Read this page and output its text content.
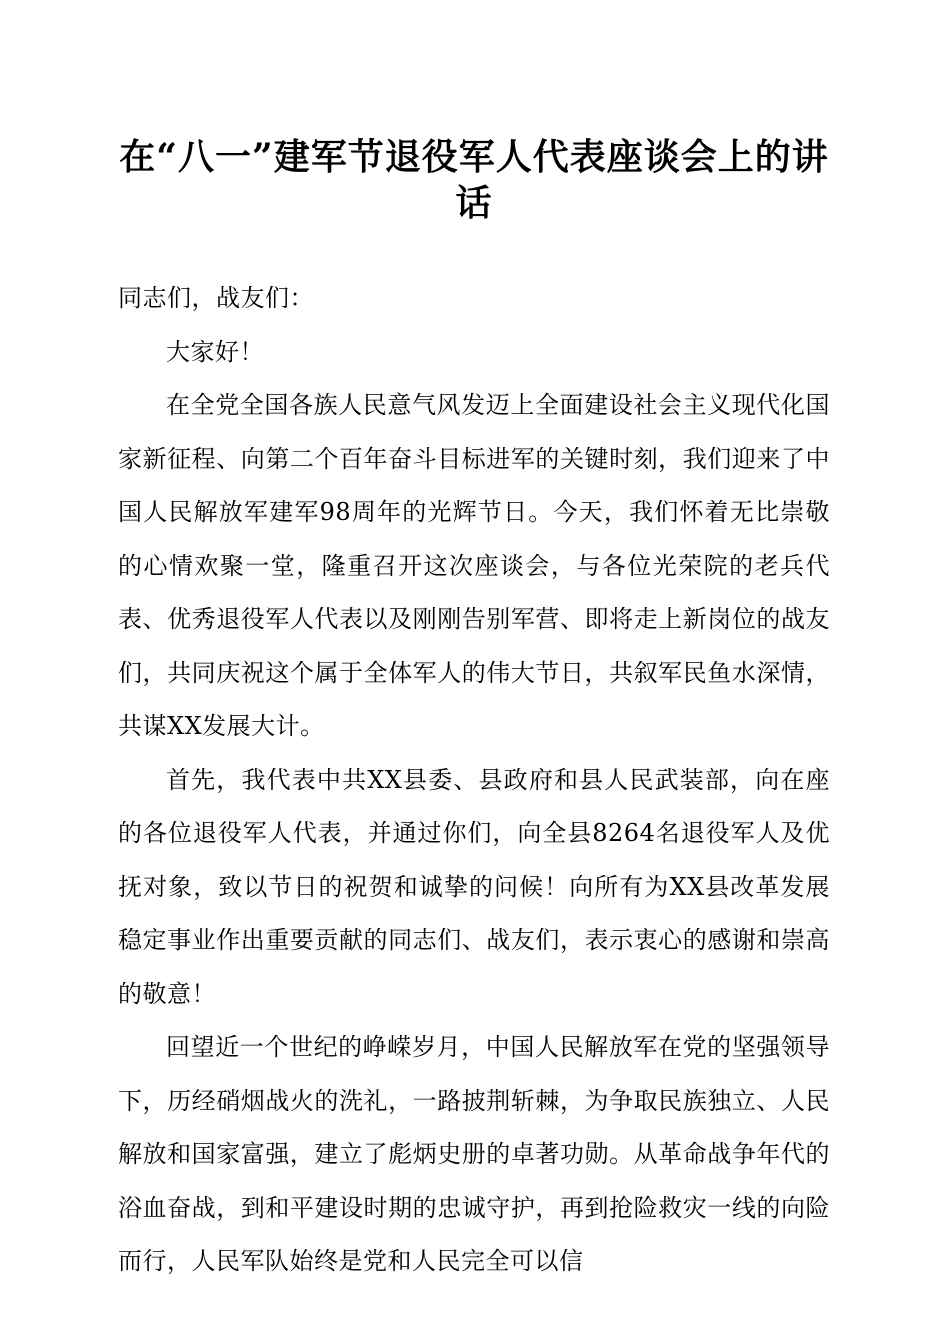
在“八一”建军节退役军人代表座谈会上的讲话

同志们，战友们：

大家好！

在全党全国各族人民意气风发迈上全面建设社会主义现代化国家新征程、向第二个百年奋斗目标进军的关键时刻，我们迎来了中国人民解放军建军98周年的光辉节日。今天，我们怀着无比崇敬的心情欢聚一堂，隆重召开这次座谈会，与各位光荣院的老兵代表、优秀退役军人代表以及刚刚告别军营、即将走上新岗位的战友们，共同庆祝这个属于全体军人的伟大节日，共叙军民鱼水深情，共谋XX发展大计。

首先，我代表中共XX县委、县政府和县人民武装部，向在座的各位退役军人代表，并通过你们，向全县8264名退役军人及优抚对象，致以节日的祝贺和诚挚的问候！向所有为XX县改革发展稳定事业作出重要贡献的同志们、战友们，表示衷心的感谢和崇高的敬意！

回望近一个世纪的峥嵘岁月，中国人民解放军在党的坚强领导下，历经硝烟战火的洗礼，一路披荆斩棘，为争取民族独立、人民解放和国家富强，建立了彪炳史册的卓著功勋。从革命战争年代的浴血奋战，到和平建设时期的忠诚守护，再到抢险救灾一线的向险而行，人民军队始终是党和人民完全可以信
